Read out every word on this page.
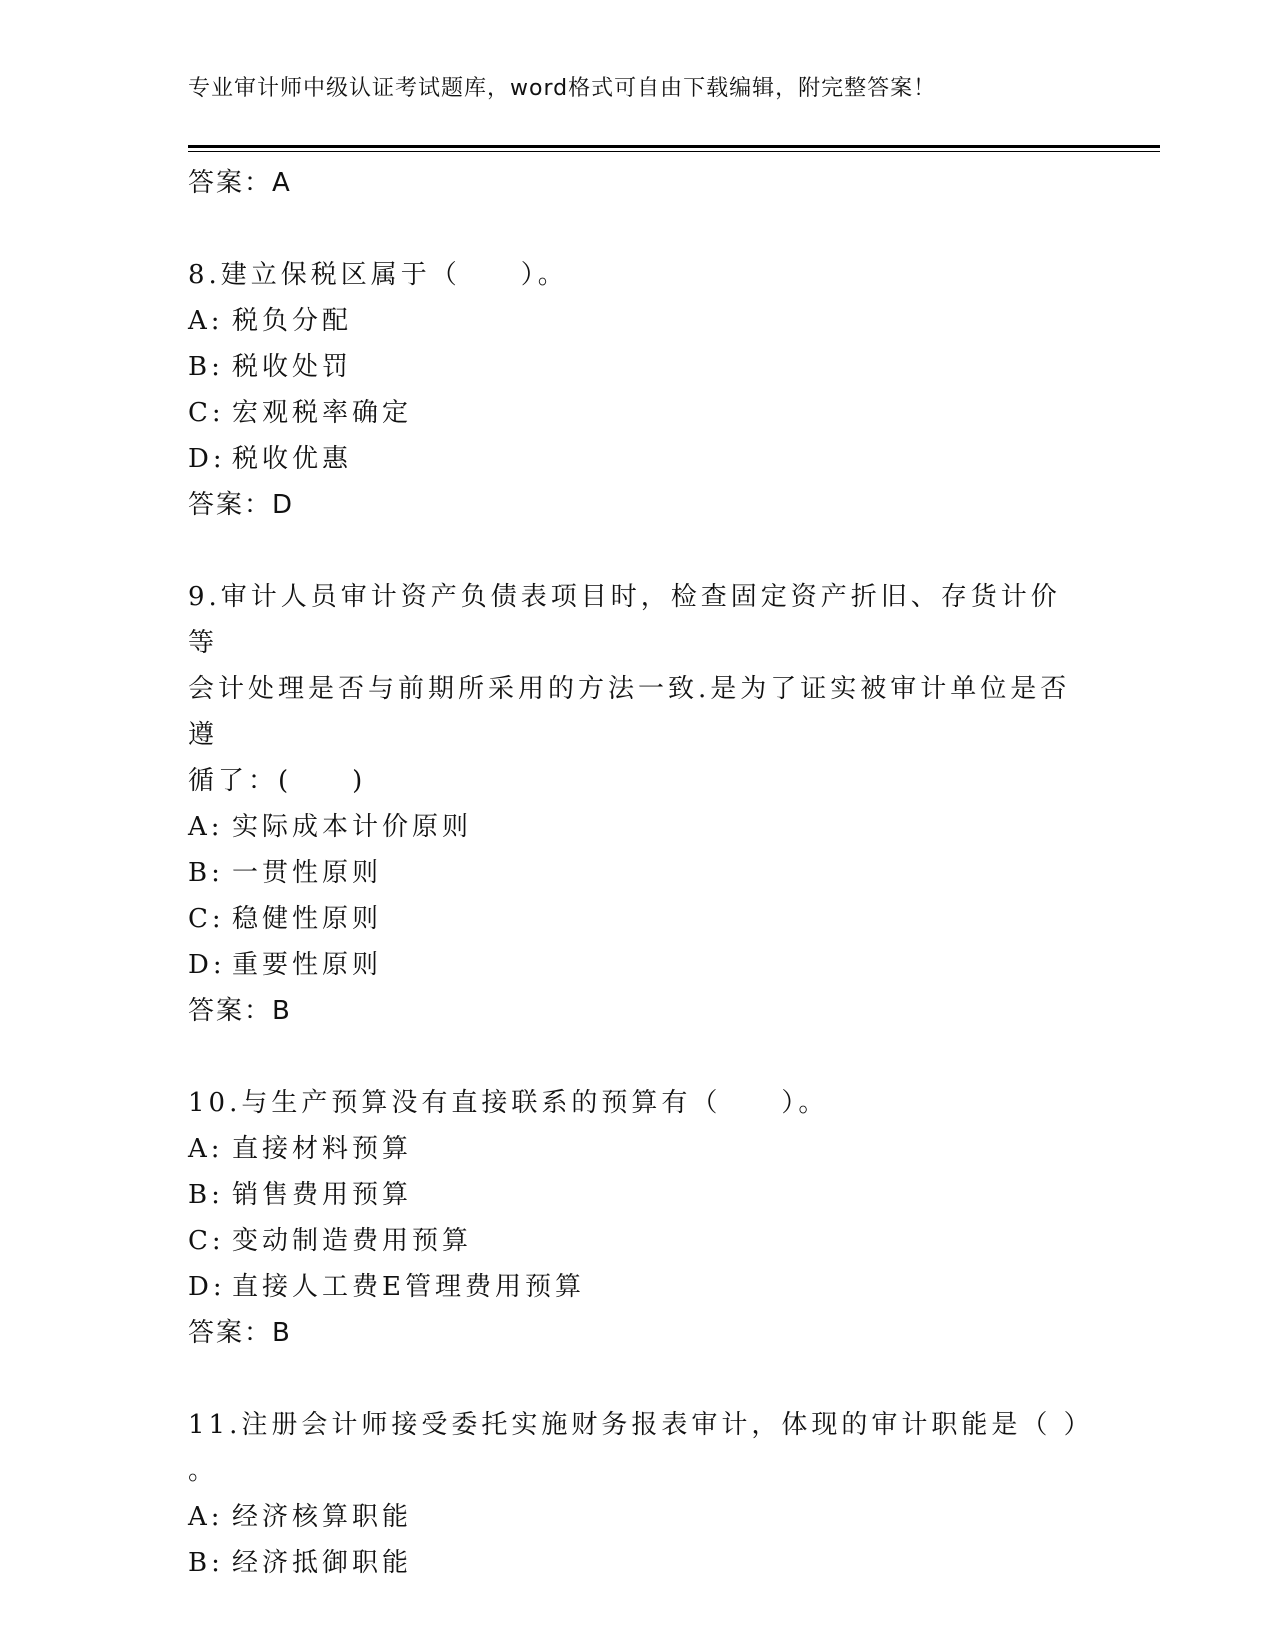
专业审计师中级认证考试题库，word格式可自由下载编辑，附完整答案！

答案：A

8.建立保税区属于（　　）。

A: 税负分配

B: 税收处罚

C: 宏观税率确定

D: 税收优惠

答案：D

9.审计人员审计资产负债表项目时，检查固定资产折旧、存货计价等

会计处理是否与前期所采用的方法一致.是为了证实被审计单位是否遵

循了：(　　)

A: 实际成本计价原则

B: 一贯性原则

C: 稳健性原则

D: 重要性原则

答案：B

10.与生产预算没有直接联系的预算有（　　）。

A: 直接材料预算

B: 销售费用预算

C: 变动制造费用预算

D: 直接人工费E管理费用预算

答案：B

11.注册会计师接受委托实施财务报表审计，体现的审计职能是（ ）

。

A: 经济核算职能

B: 经济抵御职能
